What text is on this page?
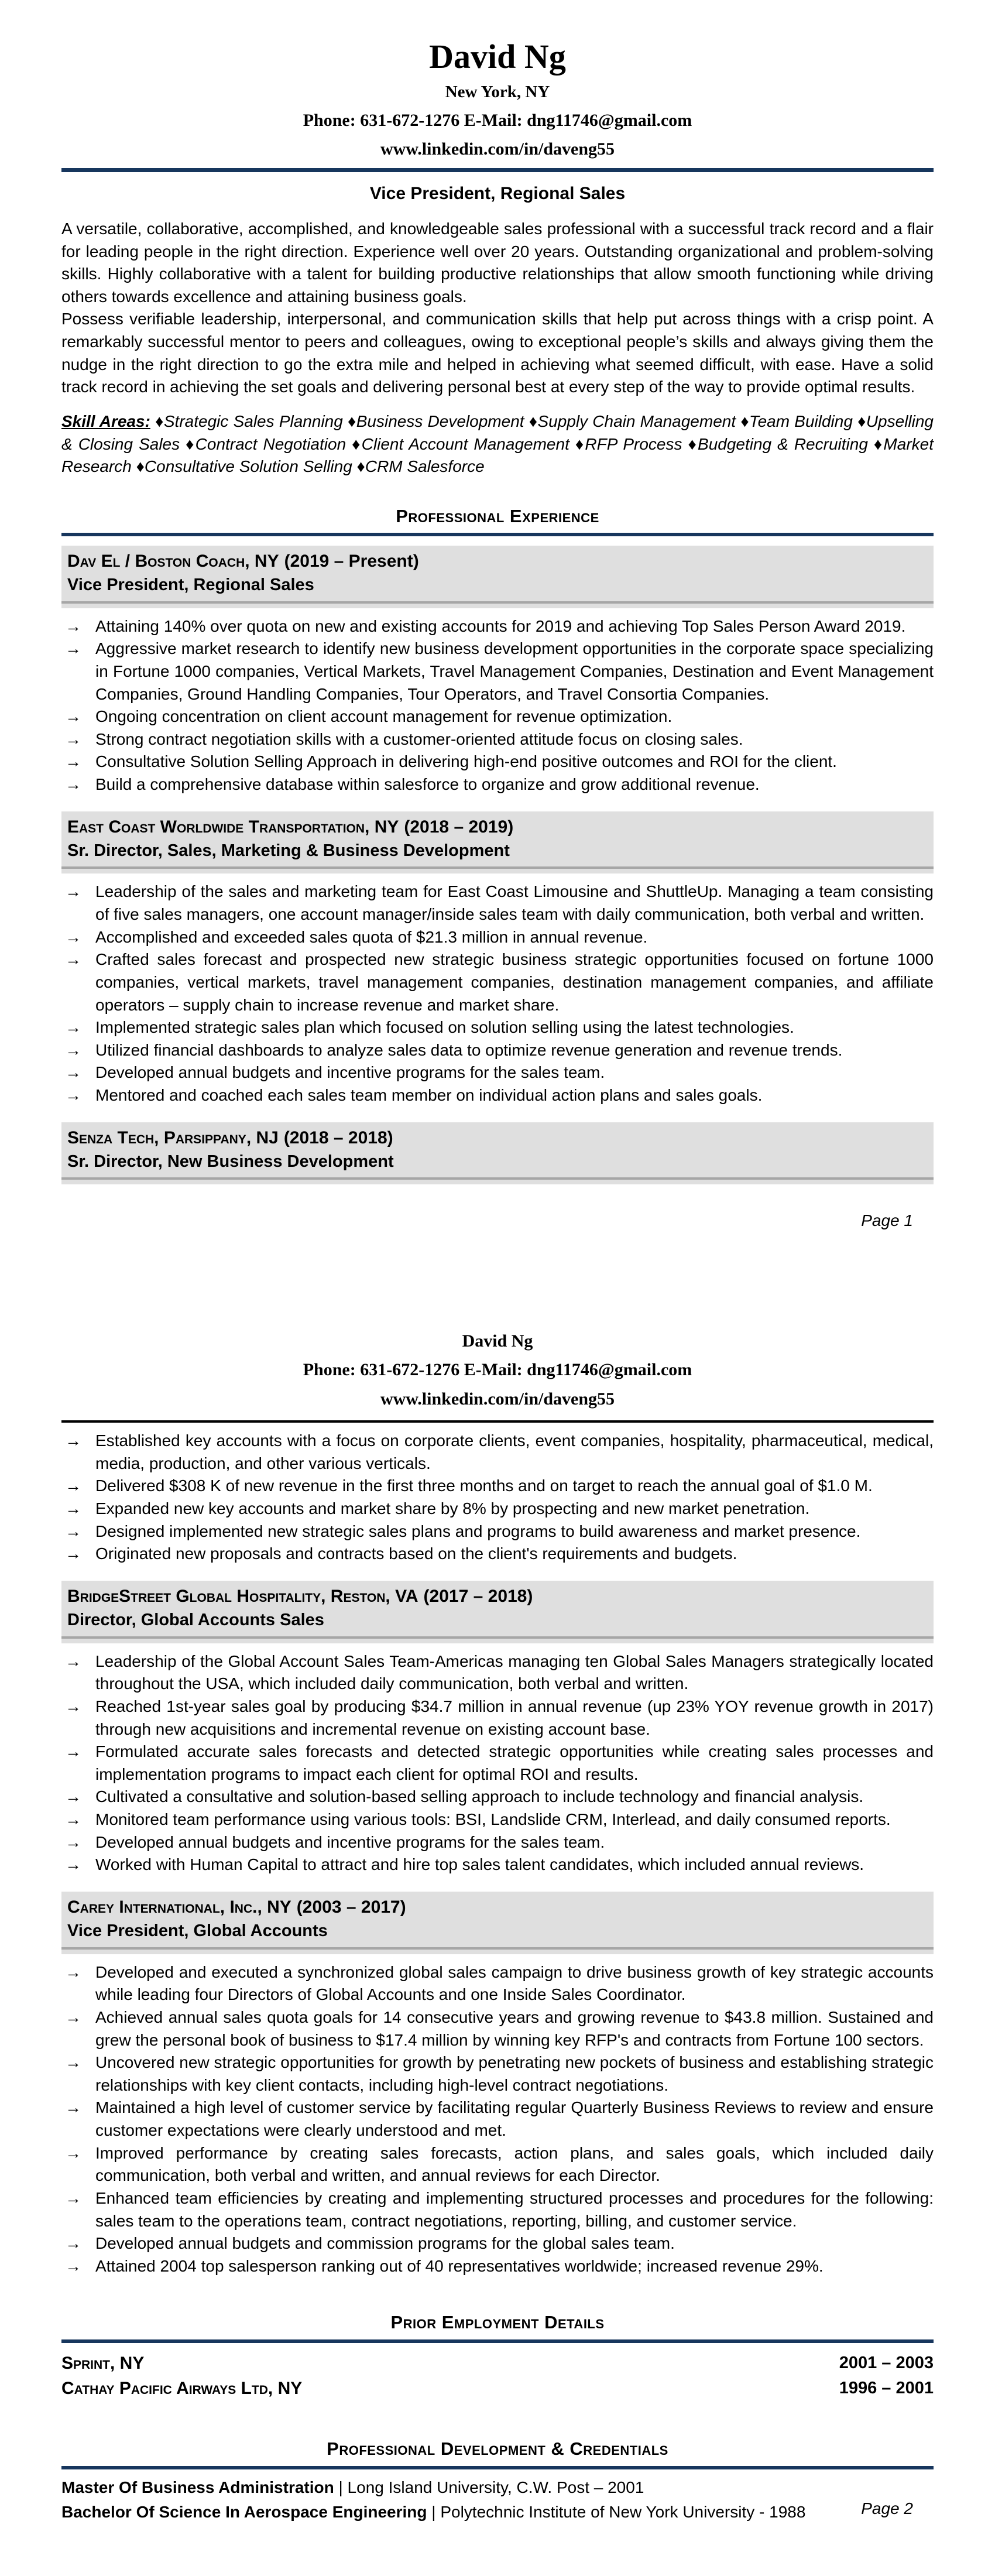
David Ng
New York, NY
Phone: 631-672-1276 E-Mail: dng11746@gmail.com
www.linkedin.com/in/daveng55
Vice President, Regional Sales

A versatile, collaborative, accomplished, and knowledgeable sales professional with a successful track record and a flair for leading people in the right direction. Experience well over 20 years. Outstanding organizational and problem-solving skills. Highly collaborative with a talent for building productive relationships that allow smooth functioning while driving others towards excellence and attaining business goals.

Possess verifiable leadership, interpersonal, and communication skills that help put across things with a crisp point. A remarkably successful mentor to peers and colleagues, owing to exceptional people’s skills and always giving them the nudge in the right direction to go the extra mile and helped in achieving what seemed difficult, with ease. Have a solid track record in achieving the set goals and delivering personal best at every step of the way to provide optimal results.

Skill Areas: ♦Strategic Sales Planning ♦Business Development ♦Supply Chain Management ♦Team Building ♦Upselling & Closing Sales ♦Contract Negotiation ♦Client Account Management ♦RFP Process ♦Budgeting & Recruiting ♦Market Research ♦Consultative Solution Selling ♦CRM Salesforce

Professional Experience
Dav El / Boston Coach, NY (2019 – Present)
Vice President, Regional Sales

→ Attaining 140% over quota on new and existing accounts for 2019 and achieving Top Sales Person Award 2019.

→ Aggressive market research to identify new business development opportunities in the corporate space specializing in Fortune 1000 companies, Vertical Markets, Travel Management Companies, Destination and Event Management Companies, Ground Handling Companies, Tour Operators, and Travel Consortia Companies.

→ Ongoing concentration on client account management for revenue optimization.

→ Strong contract negotiation skills with a customer-oriented attitude focus on closing sales.

→ Consultative Solution Selling Approach in delivering high-end positive outcomes and ROI for the client.

→ Build a comprehensive database within salesforce to organize and grow additional revenue.

East Coast Worldwide Transportation, NY (2018 – 2019)
Sr. Director, Sales, Marketing & Business Development

→ Leadership of the sales and marketing team for East Coast Limousine and ShuttleUp. Managing a team consisting of five sales managers, one account manager/inside sales team with daily communication, both verbal and written.

→ Accomplished and exceeded sales quota of $21.3 million in annual revenue.

→ Crafted sales forecast and prospected new strategic business strategic opportunities focused on fortune 1000 companies, vertical markets, travel management companies, destination management companies, and affiliate operators – supply chain to increase revenue and market share.

→ Implemented strategic sales plan which focused on solution selling using the latest technologies.

→ Utilized financial dashboards to analyze sales data to optimize revenue generation and revenue trends.

→ Developed annual budgets and incentive programs for the sales team.

→ Mentored and coached each sales team member on individual action plans and sales goals.

Senza Tech, Parsippany, NJ (2018 – 2018)
Sr. Director, New Business Development
Page 1
David Ng
Phone: 631-672-1276 E-Mail: dng11746@gmail.com
www.linkedin.com/in/daveng55

→ Established key accounts with a focus on corporate clients, event companies, hospitality, pharmaceutical, medical, media, production, and other various verticals.

→ Delivered $308 K of new revenue in the first three months and on target to reach the annual goal of $1.0 M.

→ Expanded new key accounts and market share by 8% by prospecting and new market penetration.

→ Designed implemented new strategic sales plans and programs to build awareness and market presence.

→ Originated new proposals and contracts based on the client's requirements and budgets.

BridgeStreet Global Hospitality, Reston, VA (2017 – 2018)
Director, Global Accounts Sales

→ Leadership of the Global Account Sales Team-Americas managing ten Global Sales Managers strategically located throughout the USA, which included daily communication, both verbal and written.

→ Reached 1st-year sales goal by producing $34.7 million in annual revenue (up 23% YOY revenue growth in 2017) through new acquisitions and incremental revenue on existing account base.

→ Formulated accurate sales forecasts and detected strategic opportunities while creating sales processes and implementation programs to impact each client for optimal ROI and results.

→ Cultivated a consultative and solution-based selling approach to include technology and financial analysis.

→ Monitored team performance using various tools: BSI, Landslide CRM, Interlead, and daily consumed reports.

→ Developed annual budgets and incentive programs for the sales team.

→ Worked with Human Capital to attract and hire top sales talent candidates, which included annual reviews.

Carey International, Inc., NY (2003 – 2017)
Vice President, Global Accounts

→ Developed and executed a synchronized global sales campaign to drive business growth of key strategic accounts while leading four Directors of Global Accounts and one Inside Sales Coordinator.

→ Achieved annual sales quota goals for 14 consecutive years and growing revenue to $43.8 million. Sustained and grew the personal book of business to $17.4 million by winning key RFP's and contracts from Fortune 100 sectors.

→ Uncovered new strategic opportunities for growth by penetrating new pockets of business and establishing strategic relationships with key client contacts, including high-level contract negotiations.

→ Maintained a high level of customer service by facilitating regular Quarterly Business Reviews to review and ensure customer expectations were clearly understood and met.

→ Improved performance by creating sales forecasts, action plans, and sales goals, which included daily communication, both verbal and written, and annual reviews for each Director.

→ Enhanced team efficiencies by creating and implementing structured processes and procedures for the following: sales team to the operations team, contract negotiations, reporting, billing, and customer service.

→ Developed annual budgets and commission programs for the global sales team.

→ Attained 2004 top salesperson ranking out of 40 representatives worldwide; increased revenue 29%.

Prior Employment Details
Sprint, NY	2001 – 2003
Cathay Pacific Airways Ltd, NY	1996 – 2001
Professional Development & Credentials

Master Of Business Administration | Long Island University, C.W. Post – 2001

Bachelor Of Science In Aerospace Engineering | Polytechnic Institute of New York University - 1988	Page 2
